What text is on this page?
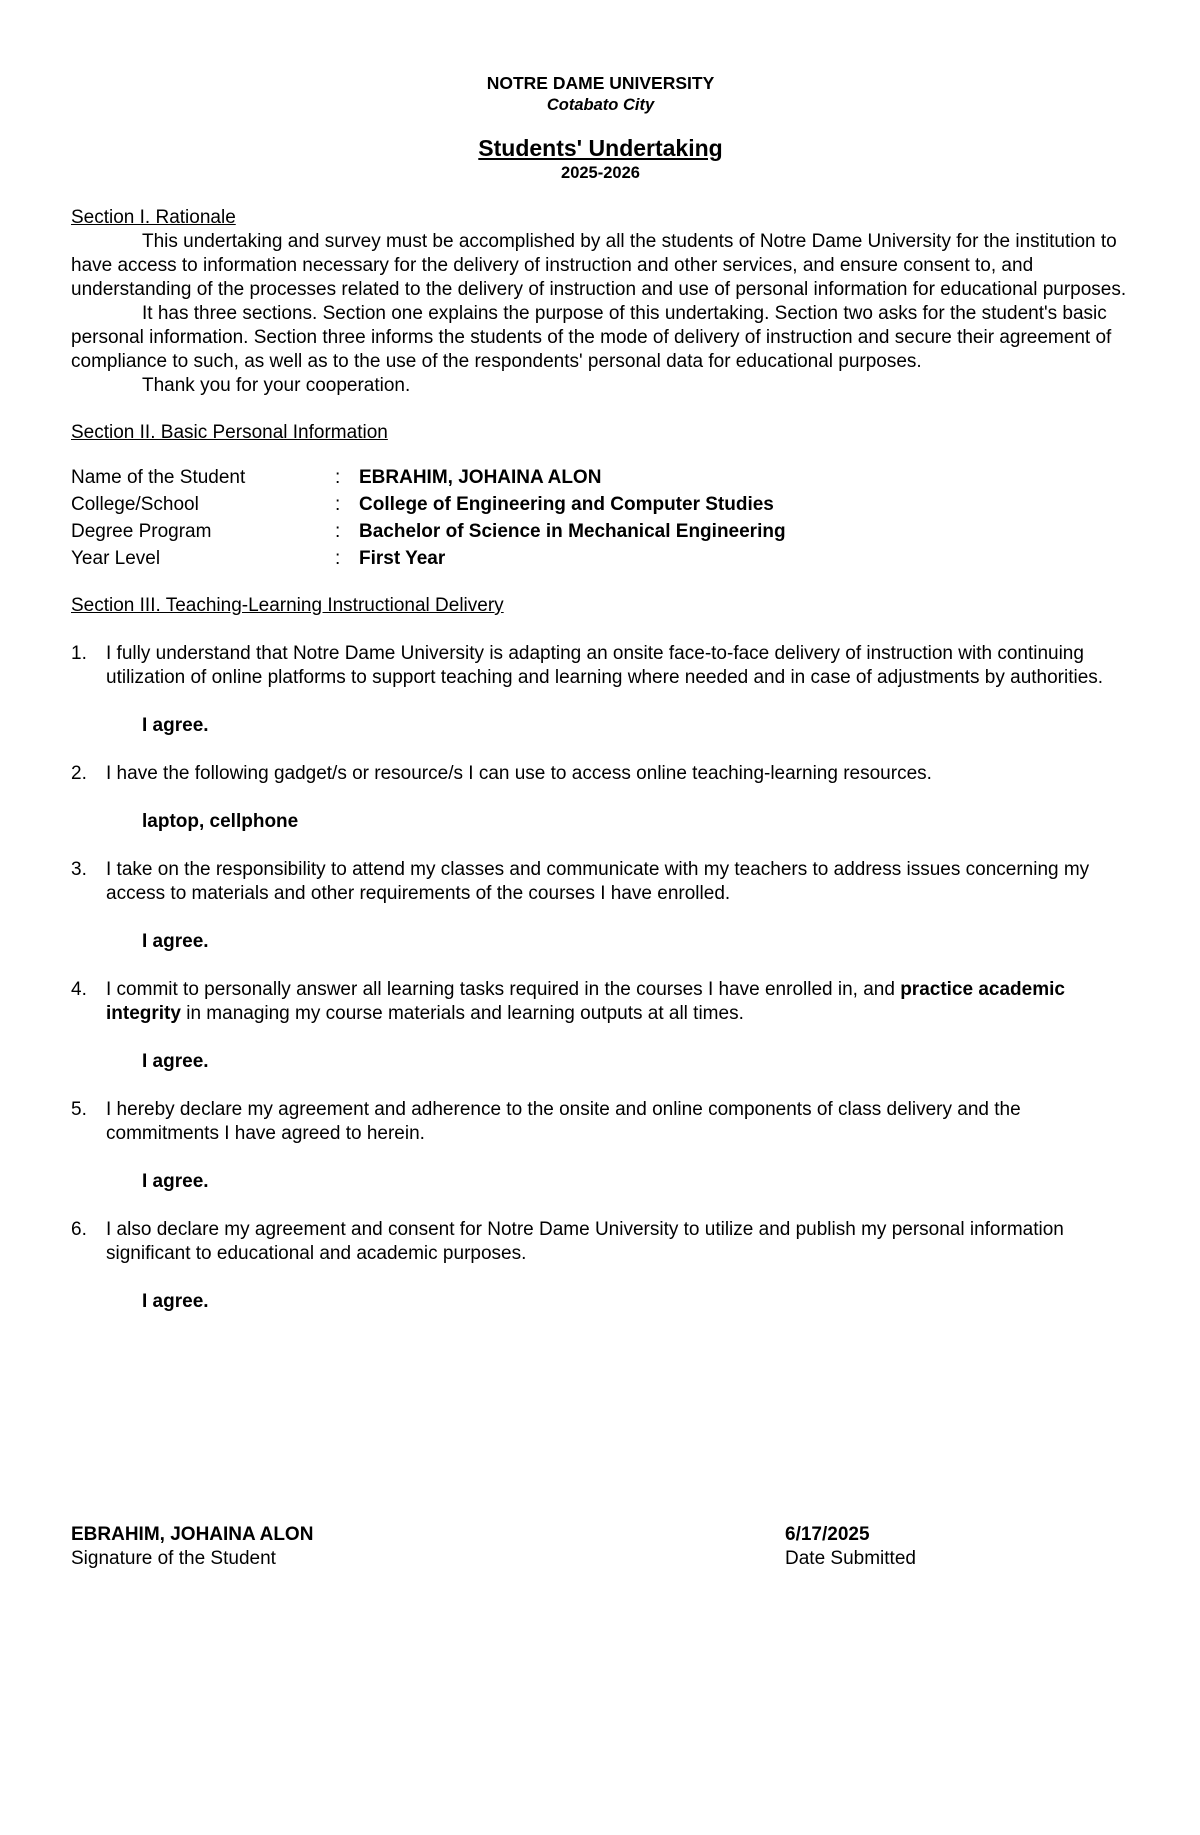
NOTRE DAME UNIVERSITY
Cotabato City
Students' Undertaking
2025-2026
Section I. Rationale

This undertaking and survey must be accomplished by all the students of Notre Dame University for the institution to have access to information necessary for the delivery of instruction and other services, and ensure consent to, and understanding of the processes related to the delivery of instruction and use of personal information for educational purposes.

It has three sections. Section one explains the purpose of this undertaking. Section two asks for the student's basic personal information. Section three informs the students of the mode of delivery of instruction and secure their agreement of compliance to such, as well as to the use of the respondents' personal data for educational purposes.

Thank you for your cooperation.

Section II. Basic Personal Information
Name of the Student	: EBRAHIM, JOHAINA ALON
College/School	: College of Engineering and Computer Studies
Degree Program	: Bachelor of Science in Mechanical Engineering
Year Level	: First Year
Section III. Teaching-Learning Instructional Delivery
1.	I fully understand that Notre Dame University is adapting an onsite face-to-face delivery of instruction with continuing utilization of online platforms to support teaching and learning where needed and in case of adjustments by authorities.
I agree.
2.	I have the following gadget/s or resource/s I can use to access online teaching-learning resources.
laptop, cellphone
3.	I take on the responsibility to attend my classes and communicate with my teachers to address issues concerning my access to materials and other requirements of the courses I have enrolled.
I agree.
4.	I commit to personally answer all learning tasks required in the courses I have enrolled in, and practice academic integrity in managing my course materials and learning outputs at all times.
I agree.
5.	I hereby declare my agreement and adherence to the onsite and online components of class delivery and the commitments I have agreed to herein.
I agree.
6.	I also declare my agreement and consent for Notre Dame University to utilize and publish my personal information significant to educational and academic purposes.
I agree.
EBRAHIM, JOHAINA ALON
Signature of the Student
6/17/2025
Date Submitted
